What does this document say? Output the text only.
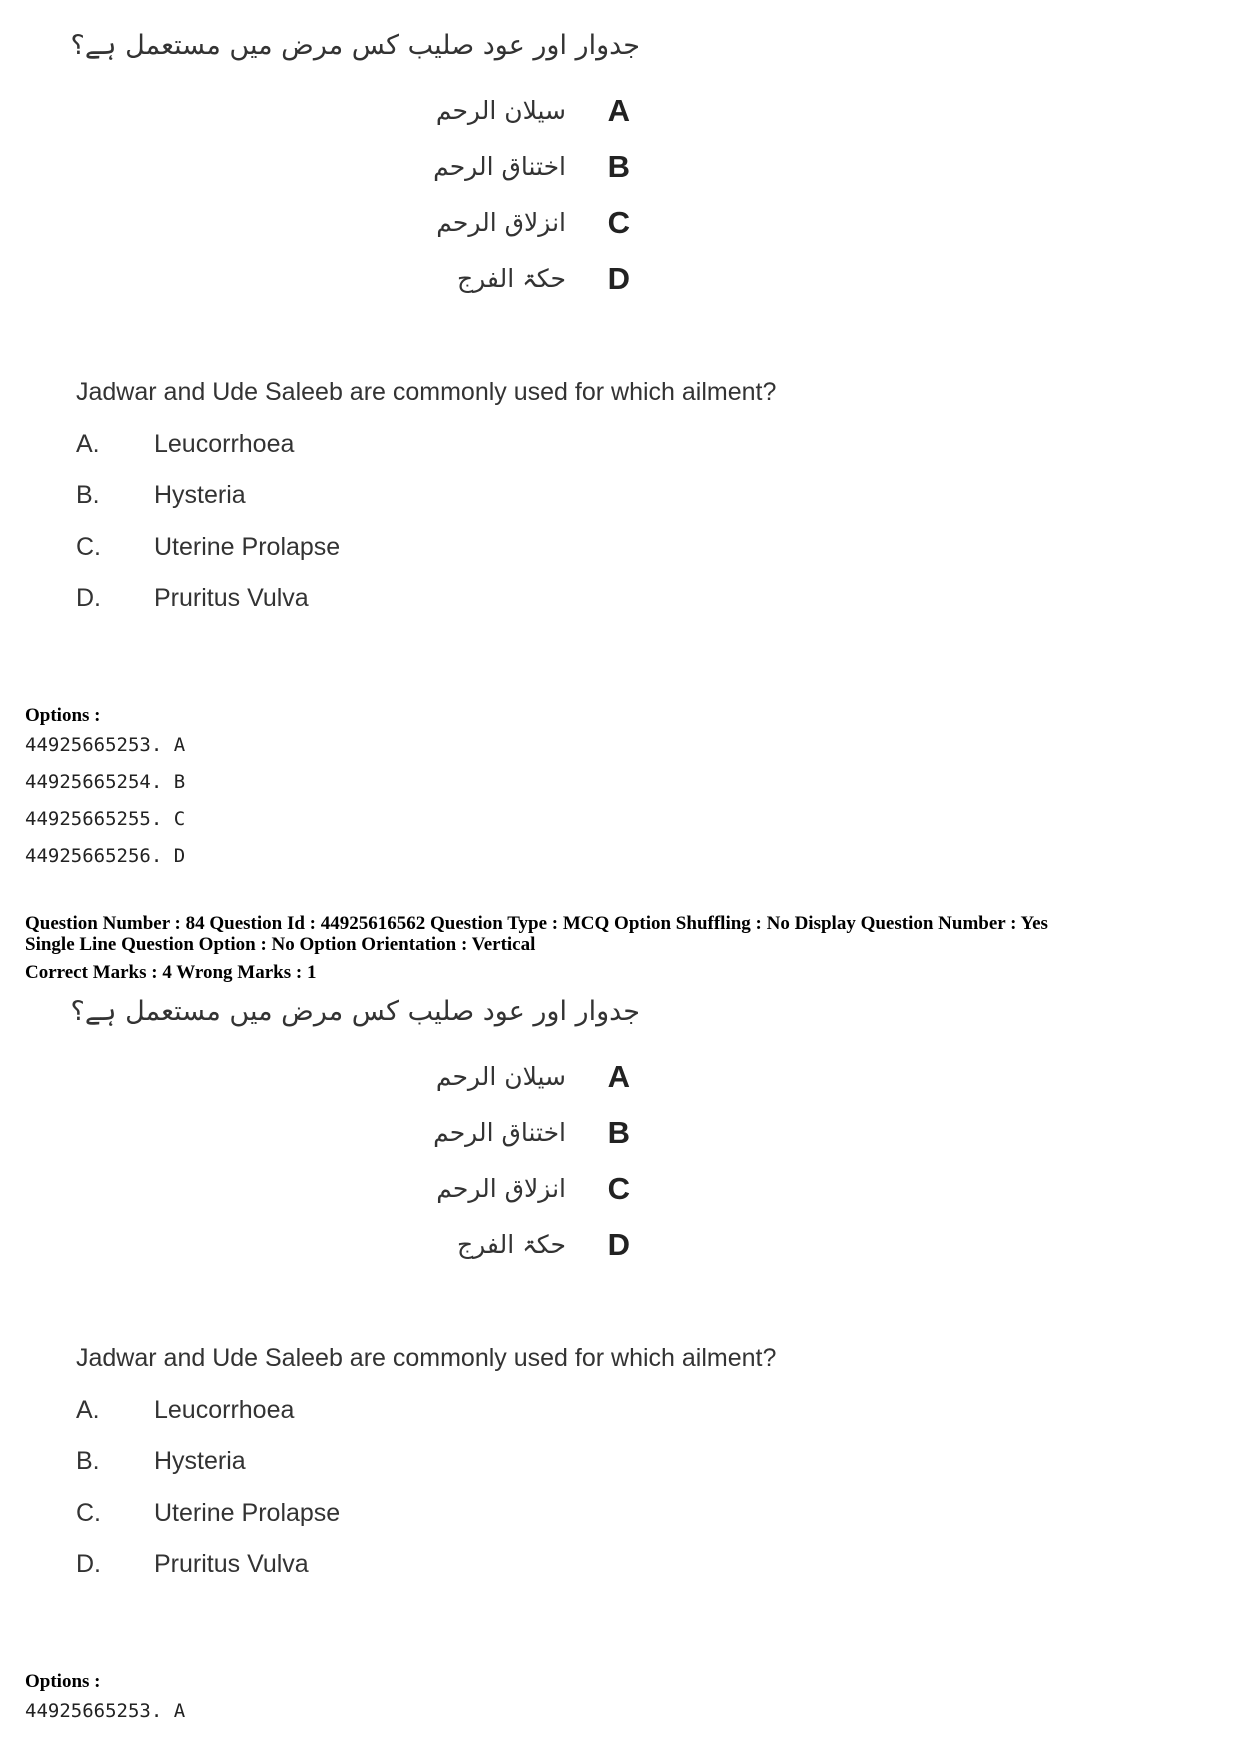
جدوار اور عود صلیب کس مرض میں مستعمل ہے؟
سیلان الرحم A
اختناق الرحم B
انزلاق الرحم C
حکۃ الفرج D
Jadwar and Ude Saleeb are commonly used for which ailment?
A. Leucorrhoea
B. Hysteria
C. Uterine Prolapse
D. Pruritus Vulva
Options :
44925665253. A
44925665254. B
44925665255. C
44925665256. D
Question Number : 84 Question Id : 44925616562 Question Type : MCQ Option Shuffling : No Display Question Number : Yes
Single Line Question Option : No Option Orientation : Vertical
Correct Marks : 4 Wrong Marks : 1
جدوار اور عود صلیب کس مرض میں مستعمل ہے؟
سیلان الرحم A
اختناق الرحم B
انزلاق الرحم C
حکۃ الفرج D
Jadwar and Ude Saleeb are commonly used for which ailment?
A. Leucorrhoea
B. Hysteria
C. Uterine Prolapse
D. Pruritus Vulva
Options :
44925665253. A
